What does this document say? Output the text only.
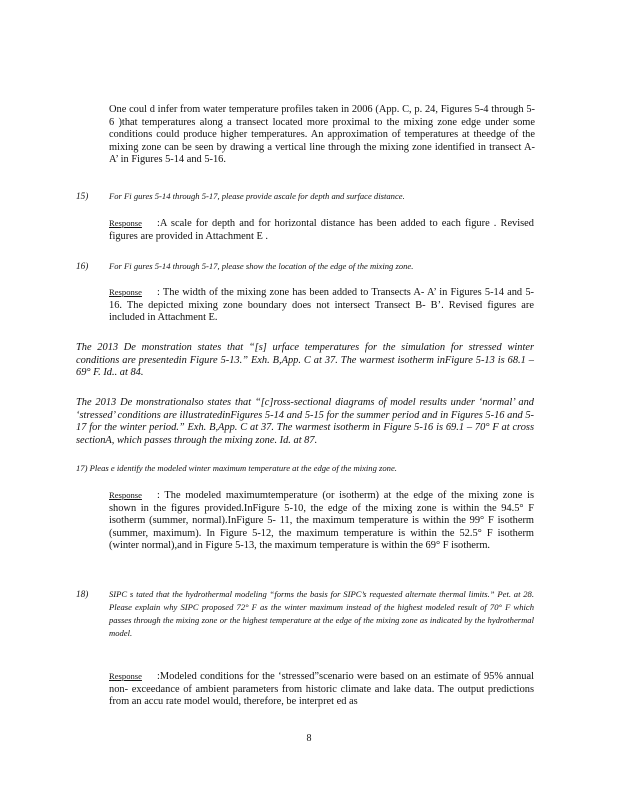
One coul d infer from water temperature profiles taken in 2006 (App. C, p. 24, Figures 5-4 through 5-6 )that temperatures along a transect located more proximal to the mixing zone edge under some conditions could produce higher temperatures. An approximation of temperatures at theedge of the mixing zone can be seen by drawing a vertical line through the mixing zone identified in transect A- A’ in Figures 5-14 and 5-16.

15) For Fi gures 5-14 through 5-17, please provide ascale for depth and surface distance.

Response :A scale for depth and for horizontal distance has been added to each figure . Revised figures are provided in Attachment E .

16) For Fi gures 5-14 through 5-17, please show the location of the edge of the mixing zone.

Response : The width of the mixing zone has been added to Transects A- A’ in Figures 5-14 and 5-16. The depicted mixing zone boundary does not intersect Transect B- B’. Revised figures are included in Attachment E.

The 2013 De monstration states that “[s] urface temperatures for the simulation for stressed winter conditions are presentedin Figure 5-13.” Exh. B,App. C at 37. The warmest isotherm inFigure 5-13 is 68.1 – 69° F. Id.. at 84.

The 2013 De monstrationalso states that “[c]ross-sectional diagrams of model results under ‘normal’ and ‘stressed’ conditions are illustratedinFigures 5-14 and 5-15 for the summer period and in Figures 5-16 and 5-17 for the winter period.” Exh. B,App. C at 37. The warmest isotherm in Figure 5-16 is 69.1 – 70° F at cross sectionA, which passes through the mixing zone. Id. at 87.

17) Pleas e identify the modeled winter maximum temperature at the edge of the mixing zone.

Response : The modeled maximumtemperature (or isotherm) at the edge of the mixing zone is shown in the figures provided.InFigure 5-10, the edge of the mixing zone is within the 94.5° F isotherm (summer, normal).InFigure 5- 11, the maximum temperature is within the 99° F isotherm (summer, maximum). In Figure 5-12, the maximum temperature is within the 52.5° F isotherm (winter normal),and in Figure 5-13, the maximum temperature is within the 69° F isotherm.

18) SIPC s tated that the hydrothermal modeling “forms the basis for SIPC’s requested alternate thermal limits.” Pet. at 28. Please explain why SIPC proposed 72° F as the winter maximum instead of the highest modeled result of 70° F which passes through the mixing zone or the highest temperature at the edge of the mixing zone as indicated by the hydrothermal model.

Response :Modeled conditions for the ‘stressed”scenario were based on an estimate of 95% annual non- exceedance of ambient parameters from historic climate and lake data. The output predictions from an accu rate model would, therefore, be interpret ed as

8
